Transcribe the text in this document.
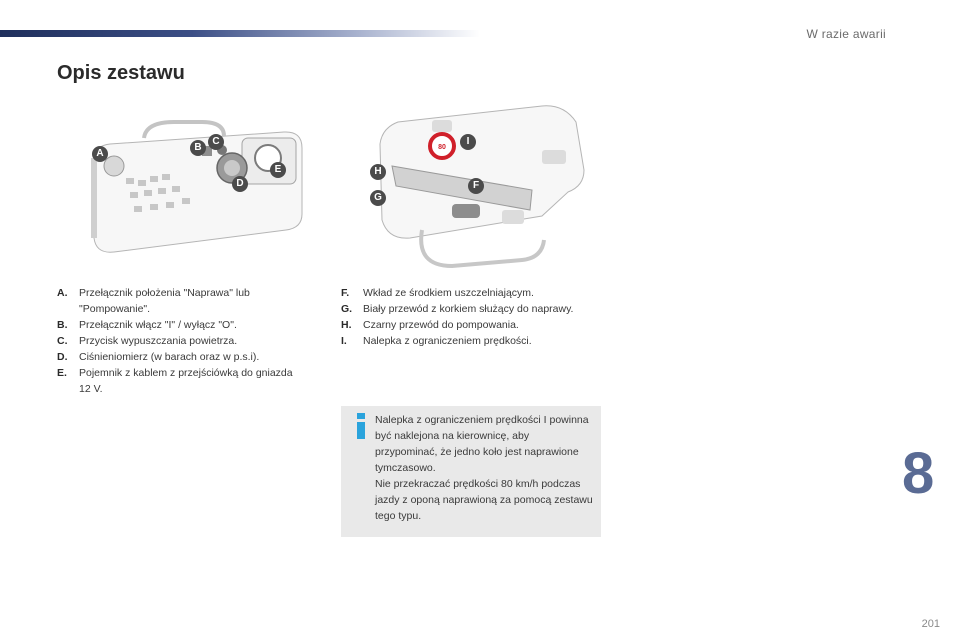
W razie awarii
Opis zestawu
A
B
C
D
E
80
I
H
F
G
A.	Przełącznik położenia "Naprawa" lub "Pompowanie".
B.	Przełącznik włącz "I" / wyłącz "O".
C.	Przycisk wypuszczania powietrza.
D.	Ciśnieniomierz (w barach oraz w p.s.i).
E.	Pojemnik z kablem z przejściówką do gniazda 12 V.
F.	Wkład ze środkiem uszczelniającym.
G.	Biały przewód z korkiem służący do naprawy.
H.	Czarny przewód do pompowania.
I.	Nalepka z ograniczeniem prędkości.
Nalepka z ograniczeniem prędkości I powinna być naklejona na kierownicę, aby przypominać, że jedno koło jest naprawione tymczasowo.
Nie przekraczać prędkości 80 km/h podczas jazdy z oponą naprawioną za pomocą zestawu tego typu.
8
201
